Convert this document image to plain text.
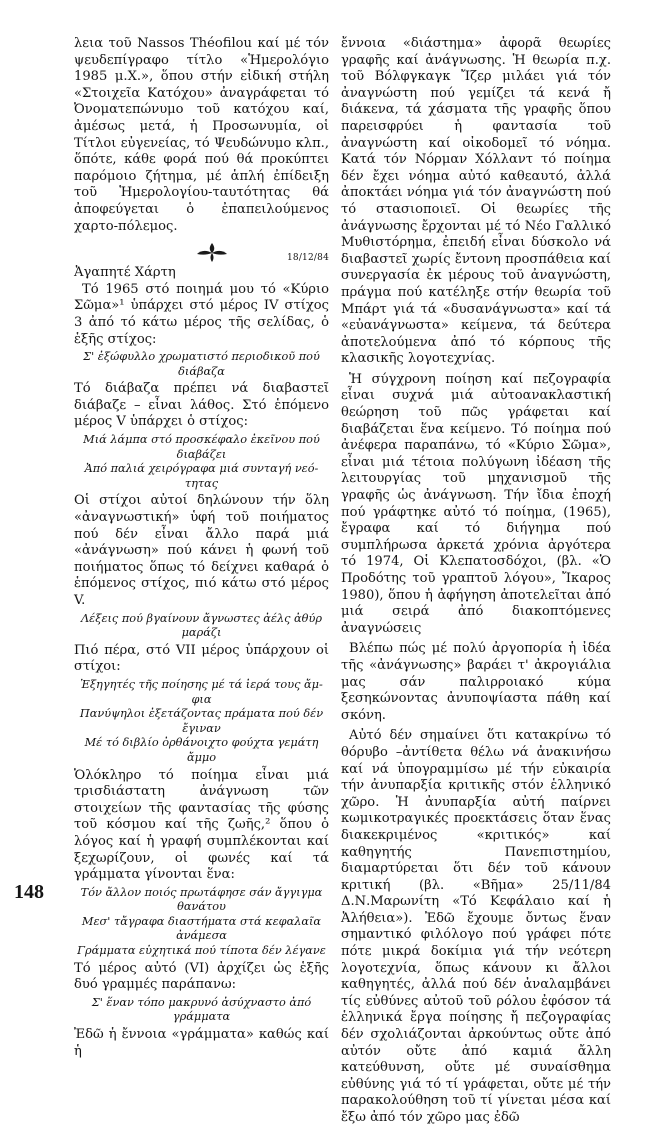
λεια τοῦ Nassos Théofilou καί μέ τόν ψευδεπίγραφο τίτλο «Ἡμερολόγιο 1985 μ.Χ.», ὅπου στήν εἰδική στήλη «Στοιχεῖα Κατόχου» ἀναγράφεται τό Ὀνοματεπώνυμο τοῦ κατόχου καί, ἀμέσως μετά, ἡ Προσωνυμία, οἱ Τίτλοι εὐγενείας, τό Ψευδώνυμο κλπ., ὅπότε, κάθε φορά πού θά προκύπτει παρόμοιο ζήτημα, μέ ἁπλή ἐπίδειξη τοῦ Ἡμερολογίου-ταυτότητας θά ἀποφεύγεται ὁ ἐπαπειλούμενος χαρτο-πόλεμος.

18/12/84

Ἀγαπητέ Χάρτη

Τό 1965 στό ποιημά μου τό «Κύριο Σῶμα»¹ ὑπάρχει στό μέρος IV στίχος 3 ἀπό τό κάτω μέρος τῆς σελίδας, ὁ ἑξῆς στίχος:

Σ' ἐξώφυλλο χρωματιστό περιοδικοῦ πού
διάβαζα

Τό διάβαζα πρέπει νά διαβαστεῖ διάβαζε – εἶναι λάθος. Στό ἑπόμενο μέρος V ὑπάρχει ὁ στίχος:

Μιά λάμπα στό προσκέφαλο ἐκεῖνου πού
διαβάζει
Ἀπό παλιά χειρόγραφα μιά συνταγή νεό-
τητας

Οἱ στίχοι αὐτοί δηλώνουν τήν ὅλη «ἀναγνωστική» ὑφή τοῦ ποιήματος πού δέν εἶναι ἄλλο παρά μιά «ἀνάγνωση» πού κάνει ἡ φωνή τοῦ ποιήματος ὅπως τό δείχνει καθαρά ὁ ἑπόμενος στίχος, πιό κάτω στό μέρος V.

Λέξεις πού βγαίνουν ἄγνωστες ἀέλς ἀθύρ
μαράζι

Πιό πέρα, στό VII μέρος ὑπάρχουν οἱ στίχοι:

Ἐξηγητές τῆς ποίησης μέ τά ἱερά τους ἄμ-
φια
Πανύψηλοι ἐξετάζοντας πράματα πού δέν
ἔγιναν
Μέ τό διβλίο ὀρθάνοιχτο φούχτα γεμάτη
ἄμμο

Ὁλόκληρο τό ποίημα εἶναι μιά τρισδιάστατη ἀνάγνωση τῶν στοιχείων τῆς φαντασίας τῆς φύσης τοῦ κόσμου καί τῆς ζωῆς,² ὅπου ὁ λόγος καί ἡ γραφή συμπλέκονται καί ξεχωρίζουν, οἱ φωνές καί τά γράμματα γίνονται ἕνα:

Τόν ἄλλον ποιός πρωτάφησε σάν ἄγγιγμα
θανάτου
Μεσ' τἄγραφα διαστήματα στά κεφαλαῖα
ἀνάμεσα
Γράμματα εὐχητικά πού τίποτα δέν λέγανε

Τό μέρος αὐτό (VI) ἀρχίζει ὡς ἑξῆς δυό γραμμές παράπανω:

Σ' ἕναν τόπο μακρυνό ἀσύχναστο ἀπό
γράμματα

Ἐδῶ ἡ ἔννοια «γράμματα» καθώς καί ἡ

ἔννοια «διάστημα» ἀφορᾶ θεωρίες γραφῆς καί ἀνάγνωσης. Ἡ θεωρία π.χ. τοῦ Βόλφγκαγκ Ἴζερ μιλάει γιά τόν ἀναγνώστη πού γεμίζει τά κενά ἤ διάκενα, τά χάσματα τῆς γραφῆς ὅπου παρεισφρύει ἡ φαντασία τοῦ ἀναγνώστη καί οἰκοδομεῖ τό νόημα. Κατά τόν Νόρμαν Χόλλαντ τό ποίημα δέν ἔχει νόημα αὐτό καθεαυτό, ἀλλά ἀποκτάει νόημα γιά τόν ἀναγνώστη πού τό στασιοποιεῖ. Οἱ θεωρίες τῆς ἀνάγνωσης ἔρχονται μέ τό Νέο Γαλλικό Μυθιστόρημα, ἐπειδή εἶναι δύσκολο νά διαβαστεῖ χωρίς ἔντονη προσπάθεια καί συνεργασία ἐκ μέρους τοῦ ἀναγνώστη, πράγμα πού κατέληξε στήν θεωρία τοῦ Μπάρτ γιά τά «δυσανάγνωστα» καί τά «εὐανάγνωστα» κείμενα, τά δεύτερα ἀποτελούμενα ἀπό τό κόρπους τῆς κλασικῆς λογοτεχνίας.

Ἡ σύγχρονη ποίηση καί πεζογραφία εἶναι συχνά μιά αὐτοανακλαστική θεώρηση τοῦ πῶς γράφεται καί διαβάζεται ἕνα κείμενο. Τό ποίημα πού ἀνέφερα παραπάνω, τό «Κύριο Σῶμα», εἶναι μιά τέτοια πολύγωνη ἰδέαση τῆς λειτουργίας τοῦ μηχανισμοῦ τῆς γραφῆς ὡς ἀνάγνωση. Τήν ἴδια ἐποχή πού γράφτηκε αὐτό τό ποίημα, (1965), ἔγραφα καί τό διήγημα πού συμπλήρωσα ἀρκετά χρόνια ἀργότερα τό 1974, Οἱ Κλεπατοσδόχοι, (βλ. «Ὁ Προδότης τοῦ γραπτοῦ λόγου», Ἴκαρος 1980), ὅπου ἡ ἀφήγηση ἀποτελεῖται ἀπό μιά σειρά ἀπό διακοπτόμενες ἀναγνώσεις

Βλέπω πώς μέ πολύ ἀργοπορία ἡ ἰδέα τῆς «ἀνάγνωσης» βαράει τ' ἀκρογιάλια μας σάν παλιρροιακό κύμα ξεσηκώνοντας ἀνυποψίαστα πάθη καί σκόνη.

Αὐτό δέν σημαίνει ὅτι κατακρίνω τό θόρυβο –ἀντίθετα θέλω νά ἀνακινήσω καί νά ὑπογραμμίσω μέ τήν εὐκαιρία τήν ἀνυπαρξία κριτικῆς στόν ἑλληνικό χῶρο. Ἡ ἀνυπαρξία αὐτή παίρνει κωμικοτραγικές προεκτάσεις ὅταν ἕνας διακεκριμένος «κριτικός» καί καθηγητής Πανεπιστημίου, διαμαρτύρεται ὅτι δέν τοῦ κάνουν κριτική (βλ. «Βῆμα» 25/11/84 Δ.Ν.Μαρωνίτη «Τό Κεφάλαιο καί ἡ Ἀλήθεια»). Ἐδῶ ἔχουμε ὄντως ἕναν σημαντικό φιλόλογο πού γράφει πότε πότε μικρά δοκίμια γιά τήν νεότερη λογοτεχνία, ὅπως κάνουν κι ἄλλοι καθηγητές, ἀλλά πού δέν ἀναλαμβάνει τίς εὐθύνες αὐτοῦ τοῦ ρόλου ἐφόσον τά ἑλληνικά ἔργα ποίησης ἤ πεζογραφίας δέν σχολιάζονται ἀρκούντως οὔτε ἀπό αὐτόν οὔτε ἀπό καμιά ἄλλη κατεύθυνση, οὔτε μέ συναίσθημα εὐθύνης γιά τό τί γράφεται, οὔτε μέ τήν παρακολούθηση τοῦ τί γίνεται μέσα καί ἔξω ἀπό τόν χῶρο μας ἐδῶ

148
